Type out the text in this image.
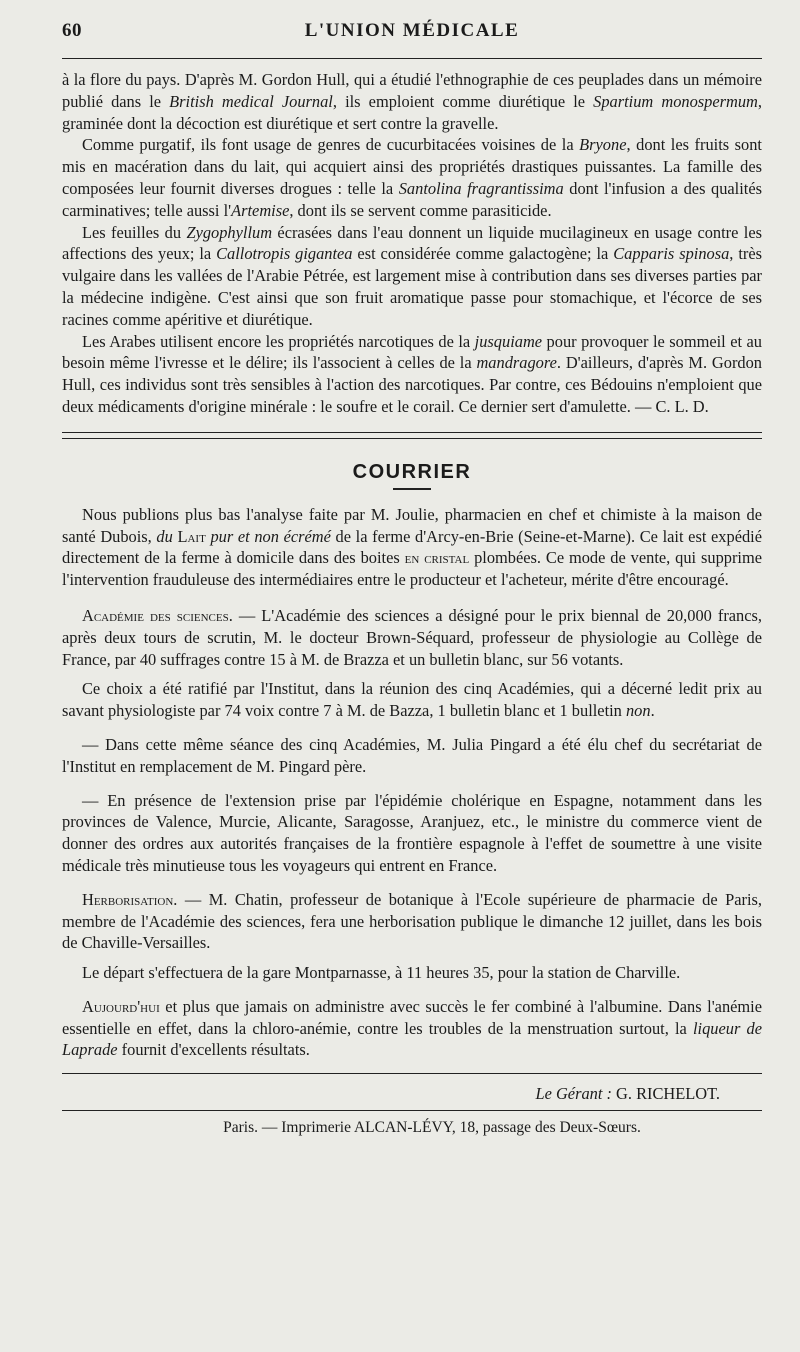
60	L'UNION MÉDICALE

à la flore du pays. D'après M. Gordon Hull, qui a étudié l'ethnographie de ces peuplades dans un mémoire publié dans le British medical Journal, ils emploient comme diurétique le Spartium monospermum, graminée dont la décoction est diurétique et sert contre la gravelle.

Comme purgatif, ils font usage de genres de cucurbitacées voisines de la Bryone, dont les fruits sont mis en macération dans du lait, qui acquiert ainsi des propriétés drastiques puissantes. La famille des composées leur fournit diverses drogues : telle la Santolina fragrantissima dont l'infusion a des qualités carminatives; telle aussi l'Artemise, dont ils se servent comme parasiticide.

Les feuilles du Zygophyllum écrasées dans l'eau donnent un liquide mucilagineux en usage contre les affections des yeux; la Callotropis gigantea est considérée comme galactogène; la Capparis spinosa, très vulgaire dans les vallées de l'Arabie Pétrée, est largement mise à contribution dans ses diverses parties par la médecine indigène. C'est ainsi que son fruit aromatique passe pour stomachique, et l'écorce de ses racines comme apéritive et diurétique.

Les Arabes utilisent encore les propriétés narcotiques de la jusquiame pour provoquer le sommeil et au besoin même l'ivresse et le délire; ils l'associent à celles de la mandragore. D'ailleurs, d'après M. Gordon Hull, ces individus sont très sensibles à l'action des narcotiques. Par contre, ces Bédouins n'emploient que deux médicaments d'origine minérale : le soufre et le corail. Ce dernier sert d'amulette. — C. L. D.

COURRIER

Nous publions plus bas l'analyse faite par M. Joulie, pharmacien en chef et chimiste à la maison de santé Dubois, du Lait pur et non écrémé de la ferme d'Arcy-en-Brie (Seine-et-Marne). Ce lait est expédié directement de la ferme à domicile dans des boites en cristal plombées. Ce mode de vente, qui supprime l'intervention frauduleuse des intermédiaires entre le producteur et l'acheteur, mérite d'être encouragé.

Académie des sciences. — L'Académie des sciences a désigné pour le prix biennal de 20,000 francs, après deux tours de scrutin, M. le docteur Brown-Séquard, professeur de physiologie au Collège de France, par 40 suffrages contre 15 à M. de Brazza et un bulletin blanc, sur 56 votants.

Ce choix a été ratifié par l'Institut, dans la réunion des cinq Académies, qui a décerné ledit prix au savant physiologiste par 74 voix contre 7 à M. de Bazza, 1 bulletin blanc et 1 bulletin non.

— Dans cette même séance des cinq Académies, M. Julia Pingard a été élu chef du secrétariat de l'Institut en remplacement de M. Pingard père.

— En présence de l'extension prise par l'épidémie cholérique en Espagne, notamment dans les provinces de Valence, Murcie, Alicante, Saragosse, Aranjuez, etc., le ministre du commerce vient de donner des ordres aux autorités françaises de la frontière espagnole à l'effet de soumettre à une visite médicale très minutieuse tous les voyageurs qui entrent en France.

Herborisation. — M. Chatin, professeur de botanique à l'Ecole supérieure de pharmacie de Paris, membre de l'Académie des sciences, fera une herborisation publique le dimanche 12 juillet, dans les bois de Chaville-Versailles.

Le départ s'effectuera de la gare Montparnasse, à 11 heures 35, pour la station de Charville.

Aujourd'hui et plus que jamais on administre avec succès le fer combiné à l'albumine. Dans l'anémie essentielle en effet, dans la chloro-anémie, contre les troubles de la menstruation surtout, la liqueur de Laprade fournit d'excellents résultats.

Le Gérant : G. RICHELOT.
Paris. — Imprimerie ALCAN-LÉVY, 18, passage des Deux-Sœurs.
